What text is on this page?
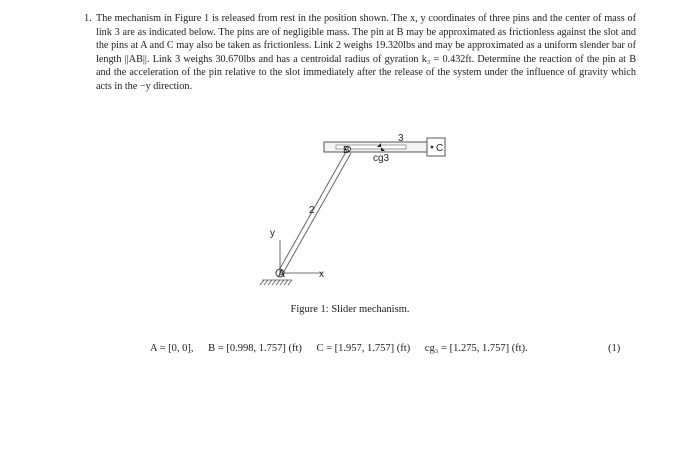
1. The mechanism in Figure 1 is released from rest in the position shown. The x, y coordinates of three pins and the center of mass of link 3 are as indicated below. The pins are of negligible mass. The pin at B may be approximated as frictionless against the slot and the pins at A and C may also be taken as frictionless. Link 2 weighs 19.320lbs and may be approximated as a uniform slender bar of length ||AB||. Link 3 weighs 30.670lbs and has a centroidal radius of gyration k₃ = 0.432ft. Determine the reaction of the pin at B and the acceleration of the pin relative to the slot immediately after the release of the system under the influence of gravity which acts in the −y direction.
2
3
B	C
cg3
A	x
y
Figure 1: Slider mechanism.
A = [0, 0], B = [0.998, 1.757] (ft) C = [1.957, 1.757] (ft) cg₃ = [1.275, 1.757] (ft).	(1)
